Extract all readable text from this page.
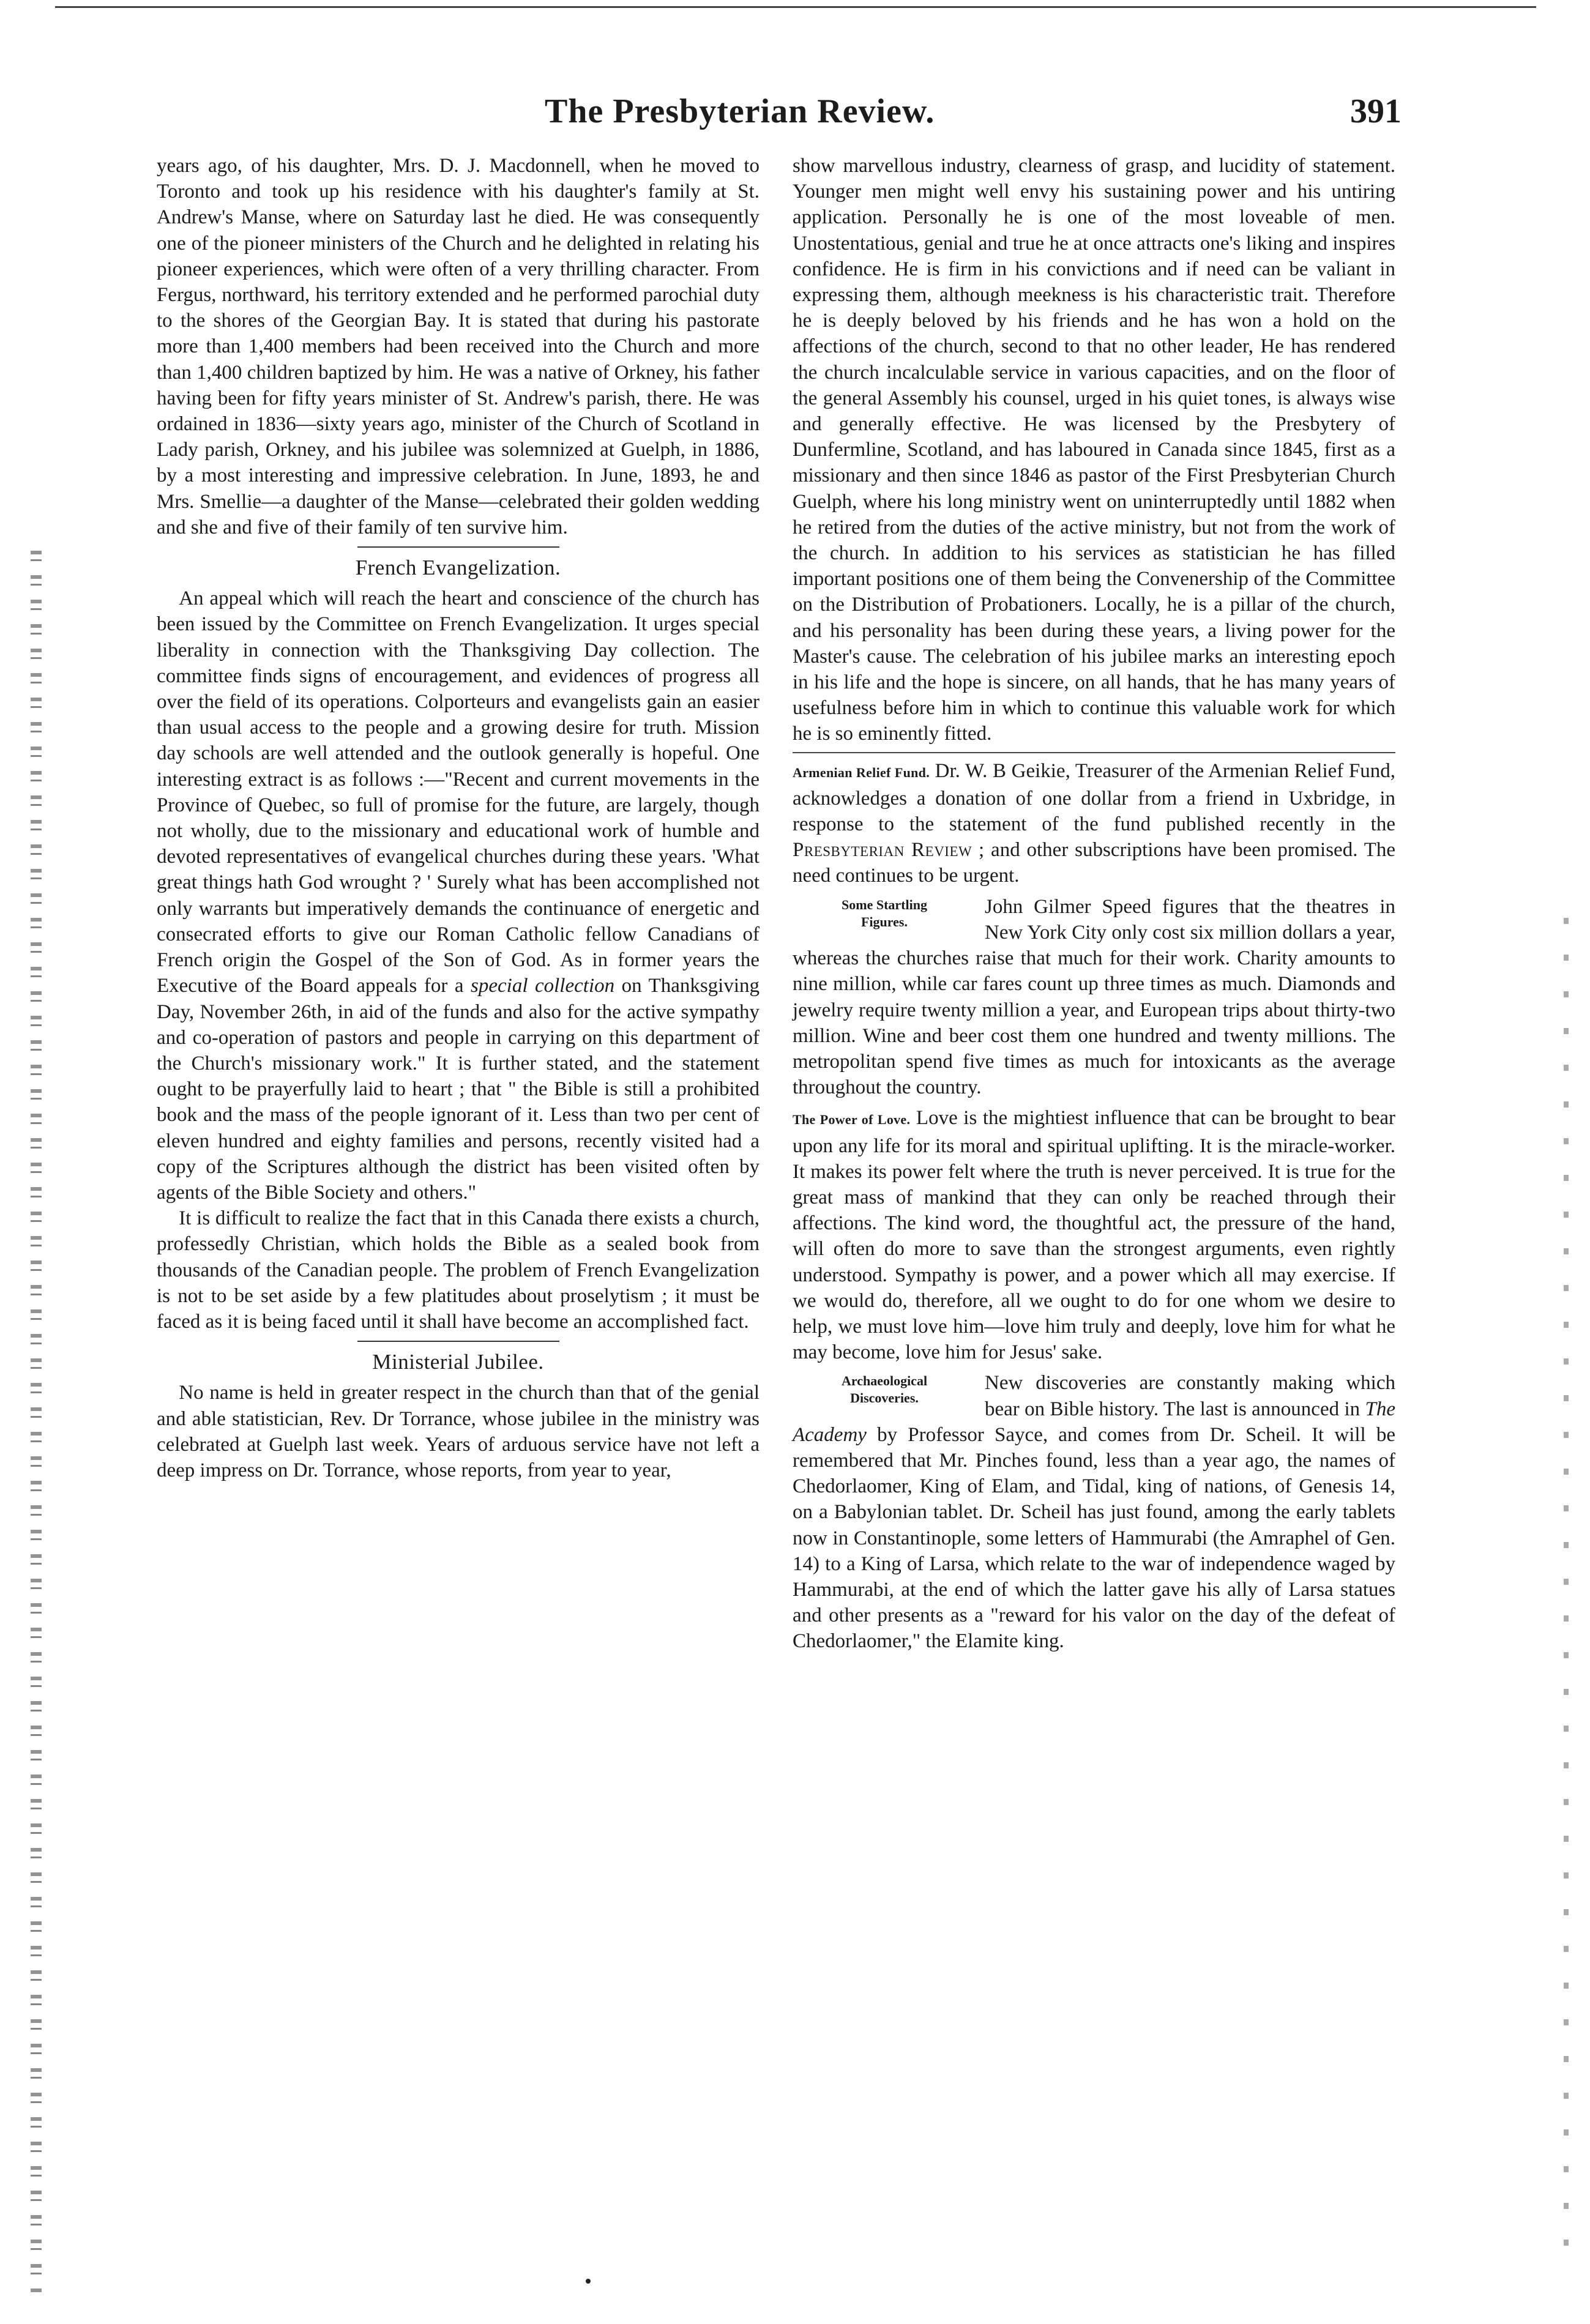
The Presbyterian Review.	391

years ago, of his daughter, Mrs. D. J. Macdonnell, when he moved to Toronto and took up his residence with his daughter's family at St. Andrew's Manse, where on Saturday last he died. He was consequently one of the pioneer ministers of the Church and he delighted in relating his pioneer experiences, which were often of a very thrilling character. From Fergus, northward, his territory extended and he performed parochial duty to the shores of the Georgian Bay. It is stated that during his pastorate more than 1,400 members had been received into the Church and more than 1,400 children baptized by him. He was a native of Orkney, his father having been for fifty years minister of St. Andrew's parish, there. He was ordained in 1836—sixty years ago, minister of the Church of Scotland in Lady parish, Orkney, and his jubilee was solemnized at Guelph, in 1886, by a most interesting and impressive celebration. In June, 1893, he and Mrs. Smellie—a daughter of the Manse—celebrated their golden wedding and she and five of their family of ten survive him.

French Evangelization.

An appeal which will reach the heart and conscience of the church has been issued by the Committee on French Evangelization. It urges special liberality in connection with the Thanksgiving Day collection. The committee finds signs of encouragement, and evidences of progress all over the field of its operations. Colporteurs and evangelists gain an easier than usual access to the people and a growing desire for truth. Mission day schools are well attended and the outlook generally is hopeful. One interesting extract is as follows :—"Recent and current movements in the Province of Quebec, so full of promise for the future, are largely, though not wholly, due to the missionary and educational work of humble and devoted representatives of evangelical churches during these years. 'What great things hath God wrought ? ' Surely what has been accomplished not only warrants but imperatively demands the continuance of energetic and consecrated efforts to give our Roman Catholic fellow Canadians of French origin the Gospel of the Son of God. As in former years the Executive of the Board appeals for a special collection on Thanksgiving Day, November 26th, in aid of the funds and also for the active sympathy and co-operation of pastors and people in carrying on this department of the Church's missionary work." It is further stated, and the statement ought to be prayerfully laid to heart ; that " the Bible is still a prohibited book and the mass of the people ignorant of it. Less than two per cent of eleven hundred and eighty families and persons, recently visited had a copy of the Scriptures although the district has been visited often by agents of the Bible Society and others."

It is difficult to realize the fact that in this Canada there exists a church, professedly Christian, which holds the Bible as a sealed book from thousands of the Canadian people. The problem of French Evangelization is not to be set aside by a few platitudes about proselytism ; it must be faced as it is being faced until it shall have become an accomplished fact.

Ministerial Jubilee.

No name is held in greater respect in the church than that of the genial and able statistician, Rev. Dr Torrance, whose jubilee in the ministry was celebrated at Guelph last week. Years of arduous service have not left a deep impress on Dr. Torrance, whose reports, from year to year,

show marvellous industry, clearness of grasp, and lucidity of statement. Younger men might well envy his sustaining power and his untiring application. Personally he is one of the most loveable of men. Unostentatious, genial and true he at once attracts one's liking and inspires confidence. He is firm in his convictions and if need can be valiant in expressing them, although meekness is his characteristic trait. Therefore he is deeply beloved by his friends and he has won a hold on the affections of the church, second to that no other leader, He has rendered the church incalculable service in various capacities, and on the floor of the general Assembly his counsel, urged in his quiet tones, is always wise and generally effective. He was licensed by the Presbytery of Dunfermline, Scotland, and has laboured in Canada since 1845, first as a missionary and then since 1846 as pastor of the First Presbyterian Church Guelph, where his long ministry went on uninterruptedly until 1882 when he retired from the duties of the active ministry, but not from the work of the church. In addition to his services as statistician he has filled important positions one of them being the Convenership of the Committee on the Distribution of Probationers. Locally, he is a pillar of the church, and his personality has been during these years, a living power for the Master's cause. The celebration of his jubilee marks an interesting epoch in his life and the hope is sincere, on all hands, that he has many years of usefulness before him in which to continue this valuable work for which he is so eminently fitted.

Armenian Relief Fund. Dr. W. B Geikie, Treasurer of the Armenian Relief Fund, acknowledges a donation of one dollar from a friend in Uxbridge, in response to the statement of the fund published recently in the Presbyterian Review ; and other subscriptions have been promised. The need continues to be urgent.

Some Startling
Figures.
John Gilmer Speed figures that the theatres in New York City only cost six million dollars a year, whereas the churches raise that much for their work. Charity amounts to nine million, while car fares count up three times as much. Diamonds and jewelry require twenty million a year, and European trips about thirty-two million. Wine and beer cost them one hundred and twenty millions. The metropolitan spend five times as much for intoxicants as the average throughout the country.

The Power of Love. Love is the mightiest influence that can be brought to bear upon any life for its moral and spiritual uplifting. It is the miracle-worker. It makes its power felt where the truth is never perceived. It is true for the great mass of mankind that they can only be reached through their affections. The kind word, the thoughtful act, the pressure of the hand, will often do more to save than the strongest arguments, even rightly understood. Sympathy is power, and a power which all may exercise. If we would do, therefore, all we ought to do for one whom we desire to help, we must love him—love him truly and deeply, love him for what he may become, love him for Jesus' sake.

Archaeological
Discoveries.
New discoveries are constantly making which bear on Bible history. The last is announced in The Academy by Professor Sayce, and comes from Dr. Scheil. It will be remembered that Mr. Pinches found, less than a year ago, the names of Chedorlaomer, King of Elam, and Tidal, king of nations, of Genesis 14, on a Babylonian tablet. Dr. Scheil has just found, among the early tablets now in Constantinople, some letters of Hammurabi (the Amraphel of Gen. 14) to a King of Larsa, which relate to the war of independence waged by Hammurabi, at the end of which the latter gave his ally of Larsa statues and other presents as a "reward for his valor on the day of the defeat of Chedorlaomer," the Elamite king.
